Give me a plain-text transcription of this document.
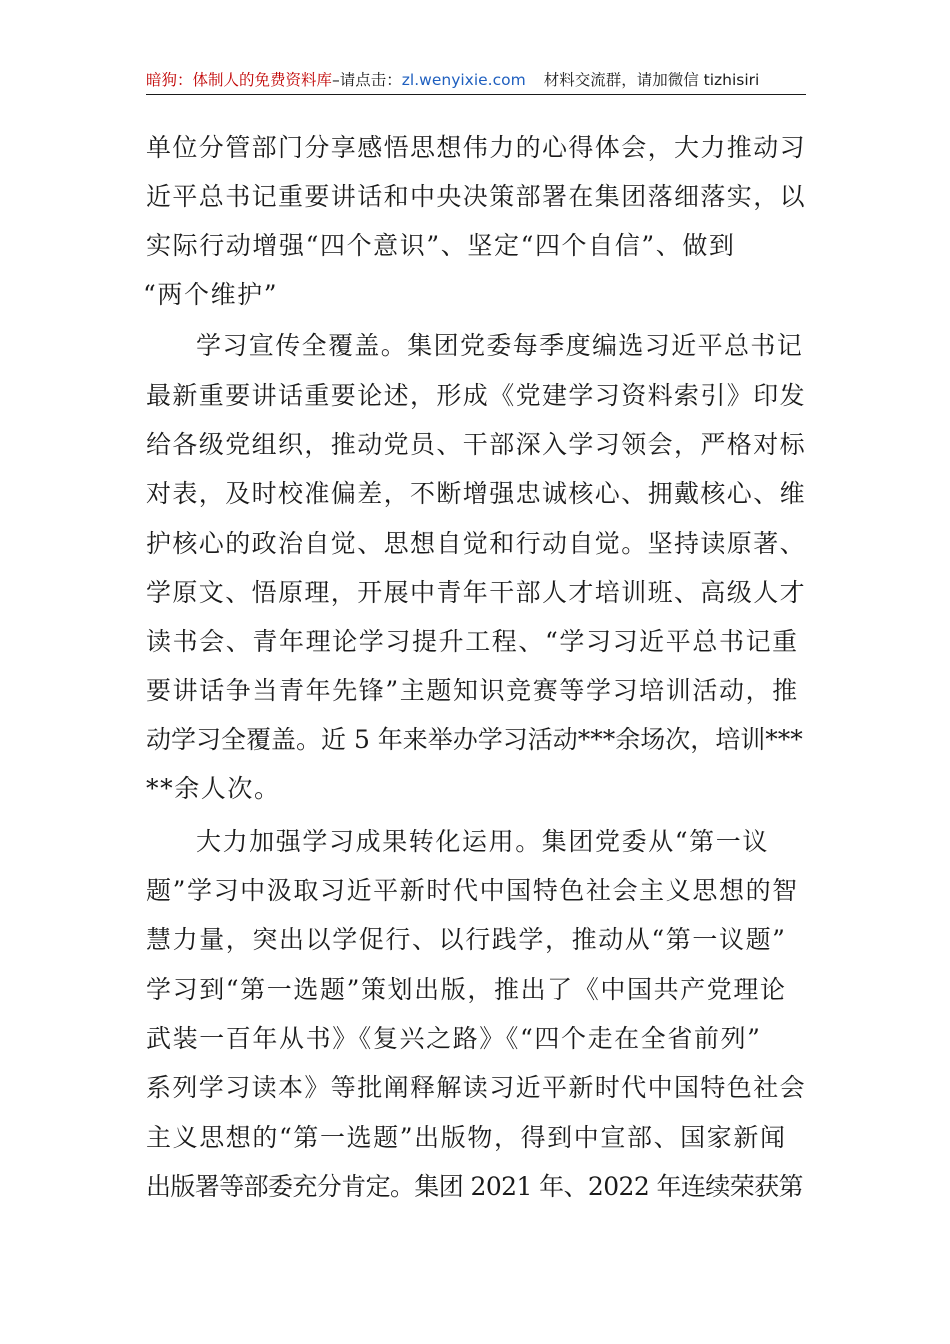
暗狗：体制人的免费资料库–请点击：zl.wenyixie.com 材料交流群，请加微信 tizhisiri
单位分管部门分享感悟思想伟力的心得体会，大力推动习
近平总书记重要讲话和中央决策部署在集团落细落实，以
实际行动增强“四个意识”、坚定“四个自信”、做到
“两个维护”
学习宣传全覆盖。集团党委每季度编选习近平总书记
最新重要讲话重要论述，形成《党建学习资料索引》印发
给各级党组织，推动党员、干部深入学习领会，严格对标
对表，及时校准偏差，不断增强忠诚核心、拥戴核心、维
护核心的政治自觉、思想自觉和行动自觉。坚持读原著、
学原文、悟原理，开展中青年干部人才培训班、高级人才
读书会、青年理论学习提升工程、“学习习近平总书记重
要讲话争当青年先锋”主题知识竞赛等学习培训活动，推
动学习全覆盖。近 5 年来举办学习活动***余场次，培训***
**余人次。
大力加强学习成果转化运用。集团党委从“第一议
题”学习中汲取习近平新时代中国特色社会主义思想的智
慧力量，突出以学促行、以行践学，推动从“第一议题”
学习到“第一选题”策划出版，推出了《中国共产党理论
武装一百年从书》《复兴之路》《“四个走在全省前列”
系列学习读本》等批阐释解读习近平新时代中国特色社会
主义思想的“第一选题”出版物，得到中宣部、国家新闻
出版署等部委充分肯定。集团 2021 年、2022 年连续荣获第
